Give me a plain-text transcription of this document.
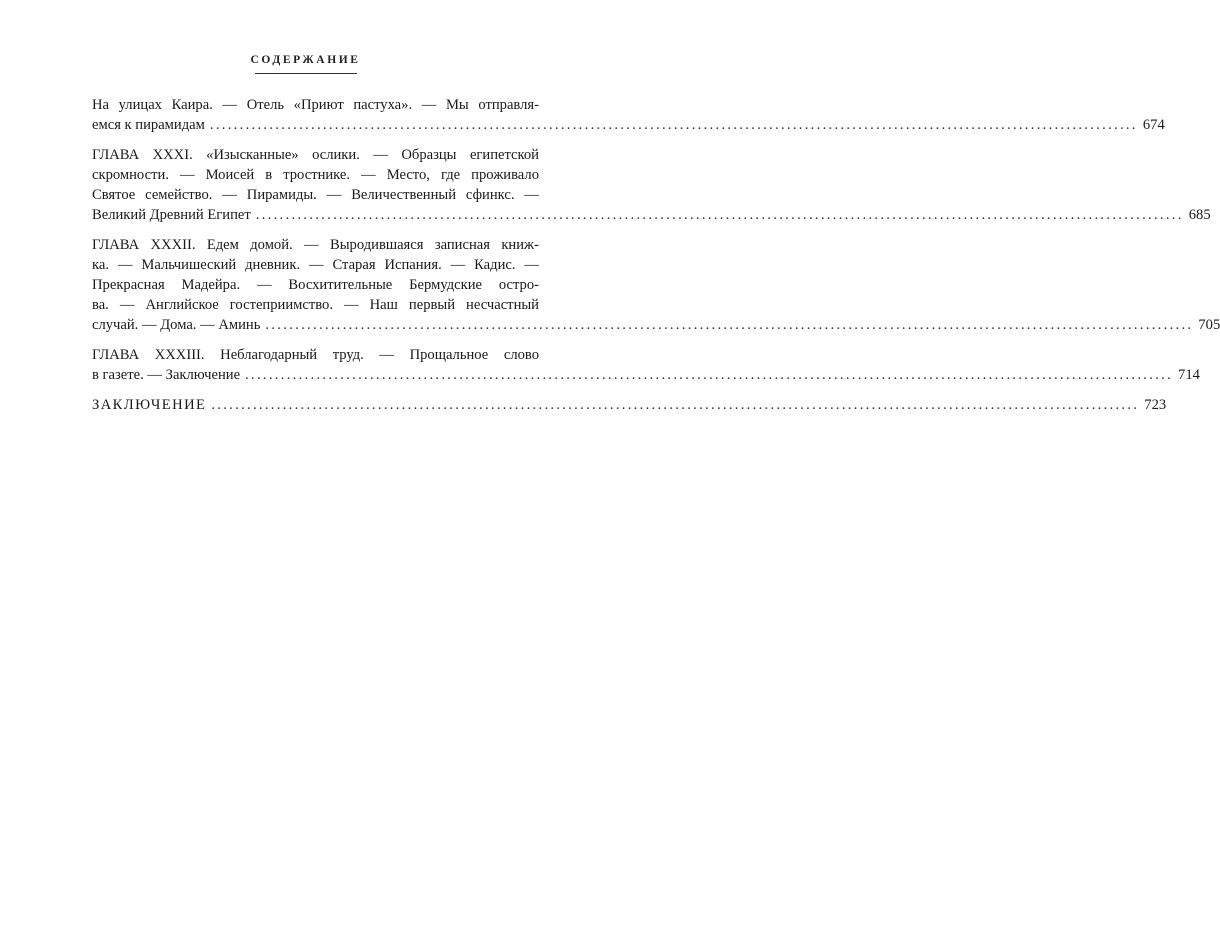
СОДЕРЖАНИЕ
На улицах Каира. — Отель «Приют пастуха». — Мы отправля-
емся к пирамидам ............................................................................................................................................................ 674
ГЛАВА XXXI. «Изысканные» ослики. — Образцы египетской
скромности. — Моисей в тростнике. — Место, где проживало
Святое семейство. — Пирамиды. — Величественный сфинкс. —
Великий Древний Египет ............................................................................................................................................................ 685
ГЛАВА XXXII. Едем домой. — Выродившаяся записная книж-
ка. — Мальчишеский дневник. — Старая Испания. — Кадис. —
Прекрасная Мадейра. — Восхитительные Бермудские остро-
ва. — Английское гостеприимство. — Наш первый несчастный
случай. — Дома. — Аминь ............................................................................................................................................................ 705
ГЛАВА XXXIII. Неблагодарный труд. — Прощальное слово
в газете. — Заключение ............................................................................................................................................................ 714
ЗАКЛЮЧЕНИЕ ............................................................................................................................................................ 723
